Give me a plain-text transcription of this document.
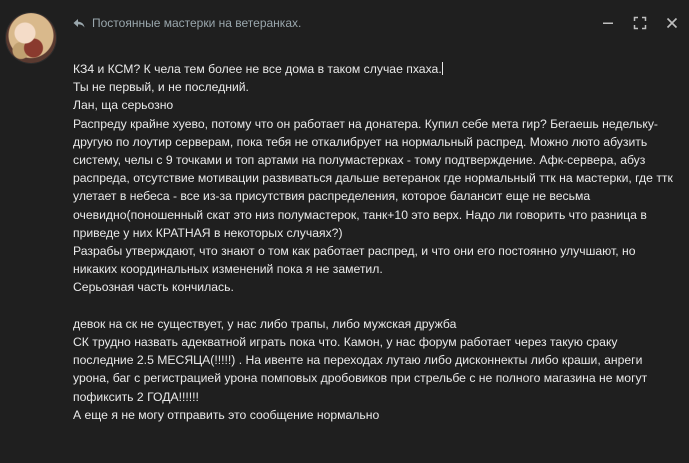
Постоянные мастерки на ветеранках.

КЗ4 и КСМ? К чела тем более не все дома в таком случае пхаха.

Ты не первый, и не последний.

Лан, ща серьозно

Распреду крайне хуево, потому что он работает на донатера. Купил себе мета гир? Бегаешь недельку-другую по лоутир серверам, пока тебя не откалибрует на нормальный распред. Можно люто абузить систему, челы с 9 точками и топ артами на полумастерках - тому подтверждение. Афк-сервера, абуз распреда, отсутствие мотивации развиваться дальше ветеранок где нормальный ттк на мастерки, где ттк улетает в небеса - все из-за присутствия распределения, которое балансит еще не весьма очевидно(поношенный скат это низ полумастерок, танк+10 это верх. Надо ли говорить что разница в приведе у них КРАТНАЯ в некоторых случаях?)

Разрабы утверждают, что знают о том как работает распред, и что они его постоянно улучшают, но никаких координальных изменений пока я не заметил.

Серьозная часть кончилась.

девок на ск не существует, у нас либо трапы, либо мужская дружба

СК трудно назвать адекватной играть пока что. Камон, у нас форум работает через такую сраку последние 2.5 МЕСЯЦА(!!!!!) . На ивенте на переходах лутаю либо дисконнекты либо краши, анреги урона, баг с регистрацией урона помповых дробовиков при стрельбе с не полного магазина не могут пофиксить 2 ГОДА!!!!!!

А еще я не могу отправить это сообщение нормально
